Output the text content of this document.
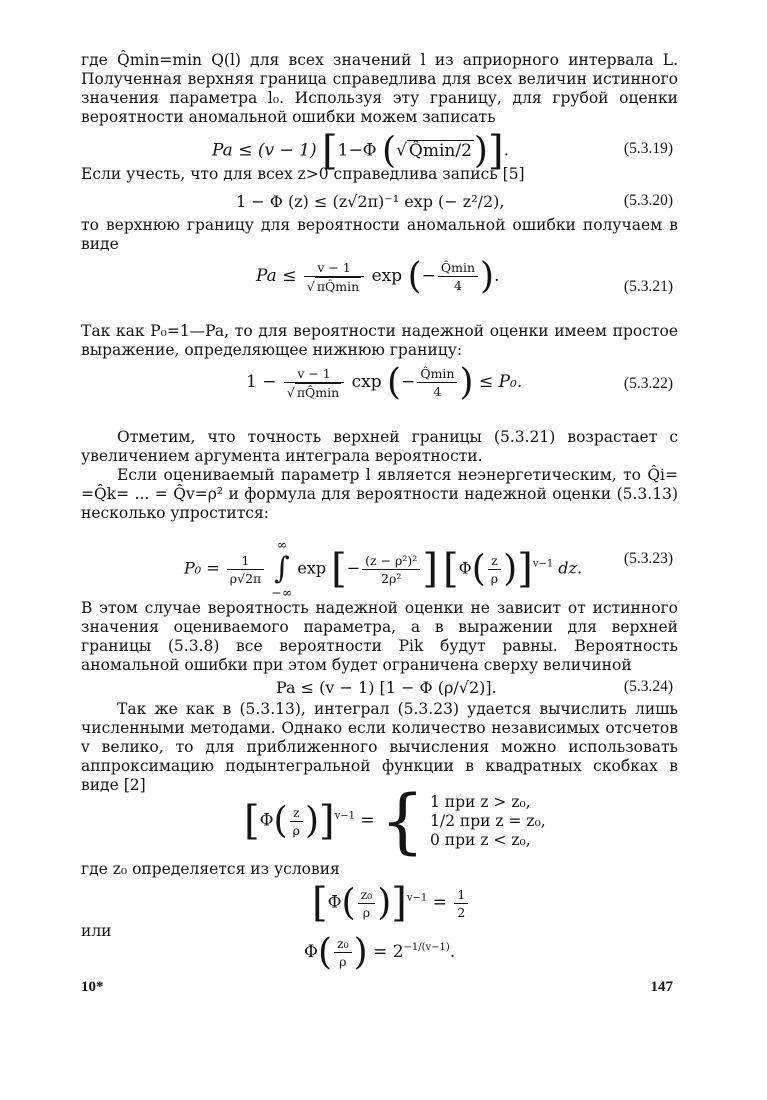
где Q̂min=min Q(l) для всех значений l из априорного интервала L. Полученная верхняя граница справедлива для всех величин истинного значения параметра l₀. Используя эту границу, для грубой оценки вероятности аномальной ошибки можем записать

Pa ≤ (v − 1) [1−Φ (√ Q̂min/2)].	(5.3.19)

Если учесть, что для всех z>0 справедлива запись [5]

1 − Φ (z) ≤ (z√2π)⁻¹ exp (− z²/2),	(5.3.20)

то верхнюю границу для вероятности аномальной ошибки получаем в виде

$Pa \le \frac{v - 1}{√ \pi Q̂\min}$ exp (− $\frac{Q̂\min}{4}$ ).
(5.3.21)

Так как P₀=1—Pa, то для вероятности надежной оценки имеем простое выражение, определяющее нижнюю границу:

$1 - \frac{v - 1}{√ \pi Q̂\min}$ cxp (− $\frac{Q̂\min}{4}$ ) ≤ P₀.	(5.3.22)

Отметим, что точность верхней границы (5.3.21) возрастает с увеличением аргумента интеграла вероятности.

Если оцениваемый параметр l является неэнергетическим, то Q̂i= =Q̂k= ... = Q̂v=ρ² и формула для вероятности надежной оценки (5.3.13) несколько упростится:

$P_0 = \frac{1}{\rho√2\pi}$

∞
∫
−∞
exp [− $\frac{\text{(z − ρ²)²}}{\text{2ρ²}}$ ] $[\Phi( \frac{z}{\rho} )]^{v-1}$ dz.	(5.3.23)

В этом случае вероятность надежной оценки не зависит от истинного значения оцениваемого параметра, а в выражении для верхней границы (5.3.8) все вероятности Pik будут равны. Вероятность аномальной ошибки при этом будет ограничена сверху величиной

Pa ≤ (v − 1) [1 − Φ (ρ/√2)].	(5.3.24)

Так же как в (5.3.13), интеграл (5.3.23) удается вычислить лишь численными методами. Однако если количество независимых отсчетов v велико, то для приближенного вычисления можно использовать аппроксимацию подынтегральной функции в квадратных скобках в виде [2]

$[\Phi( \frac{z}{\rho} )]^{v-1}$ = { 1 при z > z₀,
1/2 при z = z₀,
0 при z < z₀,

где z₀ определяется из условия

$[\Phi( \frac{\text{z₀}}{\rho} )]^{v-1} = \frac{1}{2}$

или

$\Phi( \frac{\text{z₀}}{\rho}$ ) = $2^{-1/(v-1)}$.
10*	147
